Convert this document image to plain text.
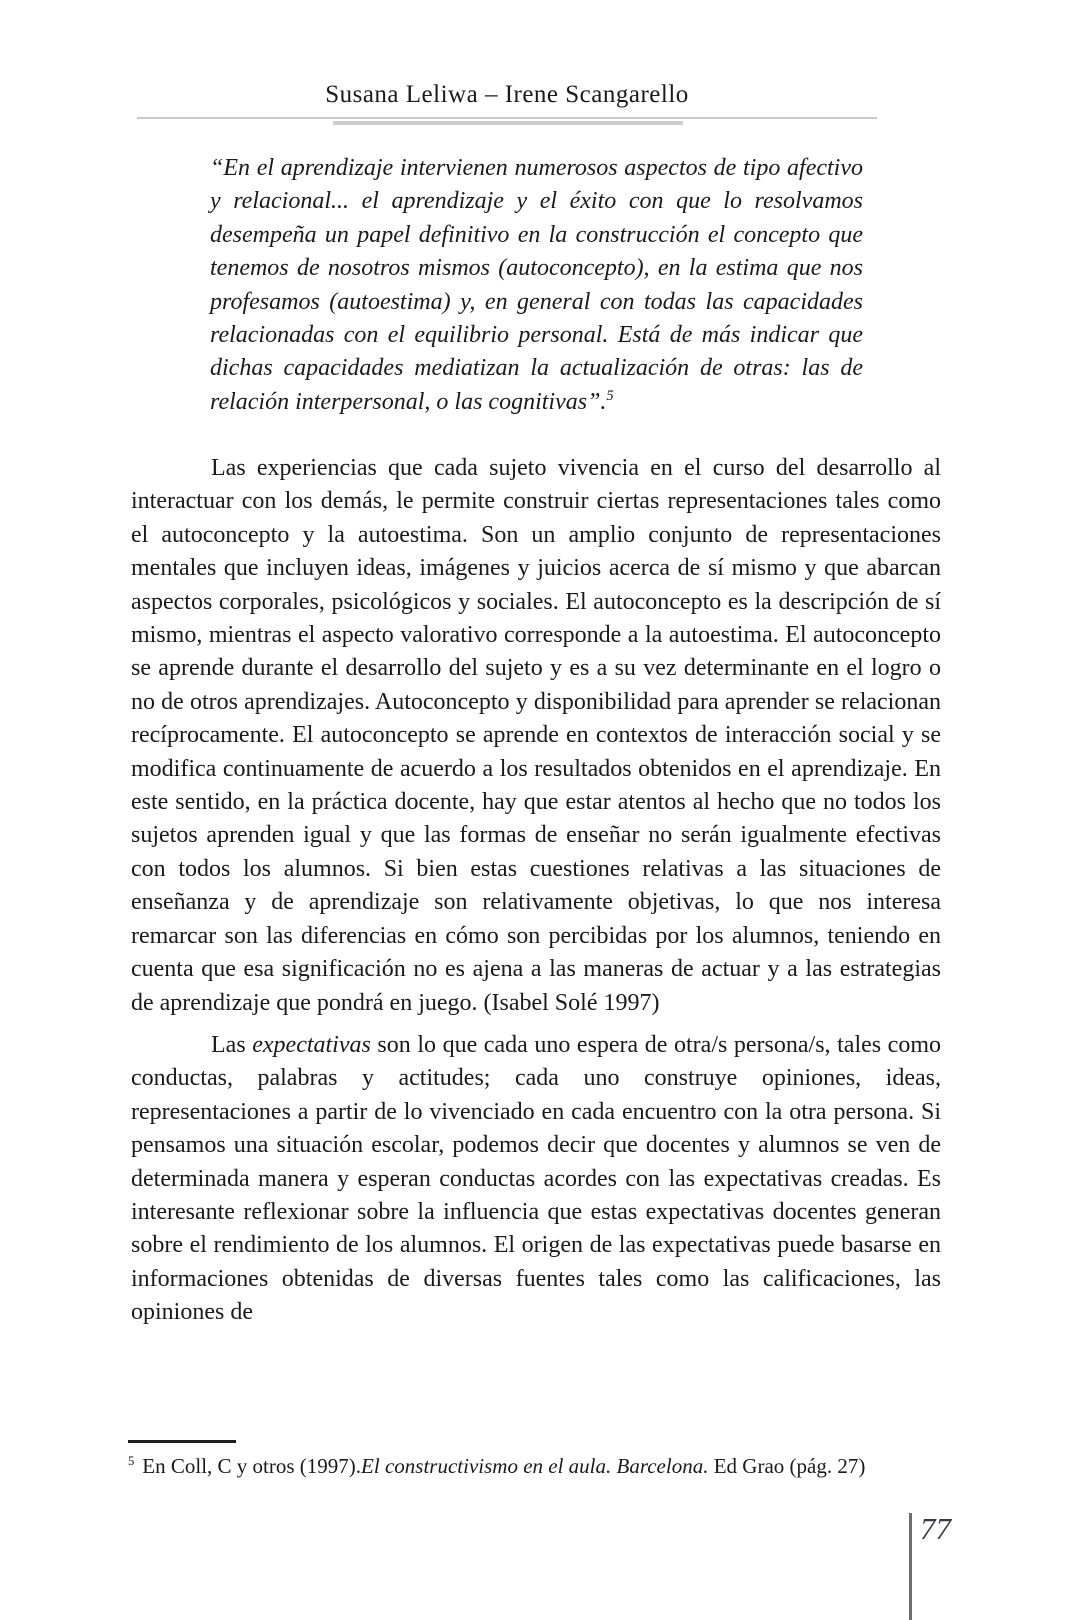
Susana Leliwa – Irene Scangarello
“En el aprendizaje intervienen numerosos aspectos de tipo afectivo y relacional... el aprendizaje y el éxito con que lo resolvamos desempeña un papel definitivo en la construcción el concepto que tenemos de nosotros mismos (autoconcepto), en la estima que nos profesamos (autoestima) y, en general con todas las capacidades relacionadas con el equilibrio personal. Está de más indicar que dichas capacidades mediatizan la actualización de otras: las de relación interpersonal, o las cognitivas”.$^5$

Las experiencias que cada sujeto vivencia en el curso del desarrollo al interactuar con los demás, le permite construir ciertas representaciones tales como el autoconcepto y la autoestima. Son un amplio conjunto de representaciones mentales que incluyen ideas, imágenes y juicios acerca de sí mismo y que abarcan aspectos corporales, psicológicos y sociales. El autoconcepto es la descripción de sí mismo, mientras el aspecto valorativo corresponde a la autoestima. El autoconcepto se aprende durante el desarrollo del sujeto y es a su vez determinante en el logro o no de otros aprendizajes. Autoconcepto y disponibilidad para aprender se relacionan recíprocamente. El autoconcepto se aprende en contextos de interacción social y se modifica continuamente de acuerdo a los resultados obtenidos en el aprendizaje. En este sentido, en la práctica docente, hay que estar atentos al hecho que no todos los sujetos aprenden igual y que las formas de enseñar no serán igualmente efectivas con todos los alumnos. Si bien estas cuestiones relativas a las situaciones de enseñanza y de aprendizaje son relativamente objetivas, lo que nos interesa remarcar son las diferencias en cómo son percibidas por los alumnos, teniendo en cuenta que esa significación no es ajena a las maneras de actuar y a las estrategias de aprendizaje que pondrá en juego. (Isabel Solé 1997)

Las expectativas son lo que cada uno espera de otra/s persona/s, tales como conductas, palabras y actitudes; cada uno construye opiniones, ideas, representaciones a partir de lo vivenciado en cada encuentro con la otra persona. Si pensamos una situación escolar, podemos decir que docentes y alumnos se ven de determinada manera y esperan conductas acordes con las expectativas creadas. Es interesante reflexionar sobre la influencia que estas expectativas docentes generan sobre el rendimiento de los alumnos. El origen de las expectativas puede basarse en informaciones obtenidas de diversas fuentes tales como las calificaciones, las opiniones de

$^5$ En Coll, C y otros (1997).El constructivismo en el aula. Barcelona. Ed Grao (pág. 27)
77
